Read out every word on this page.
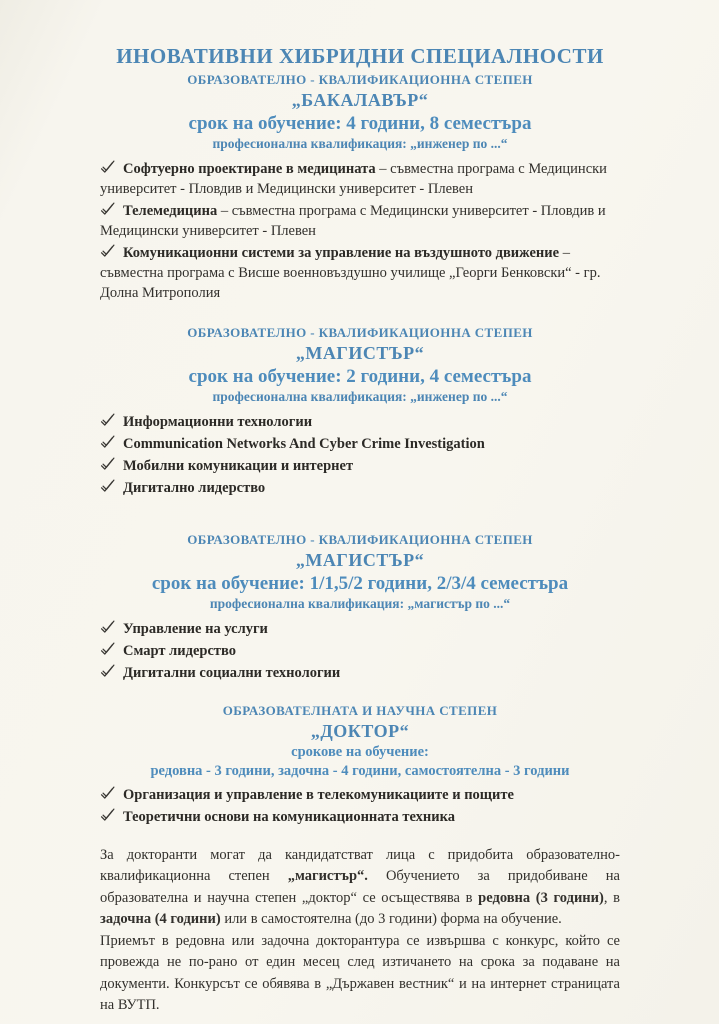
ИНОВАТИВНИ ХИБРИДНИ СПЕЦИАЛНОСТИ
ОБРАЗОВАТЕЛНО - КВАЛИФИКАЦИОННА СТЕПЕН
„БАКАЛАВЪР“
срок на обучение: 4 години, 8 семестъра
професионална квалификация: „инженер по ...“

Софтуерно проектиране в медицината – съвместна програма с Медицински университет - Пловдив и Медицински университет - Плевен

Телемедицина – съвместна програма с Медицински университет - Пловдив и Медицински университет - Плевен

Комуникационни системи за управление на въздушното движение – съвместна програма с Висше военновъздушно училище „Георги Бенковски“ - гр. Долна Митрополия

ОБРАЗОВАТЕЛНО - КВАЛИФИКАЦИОННА СТЕПЕН
„МАГИСТЪР“
срок на обучение: 2 години, 4 семестъра
професионална квалификация: „инженер по ...“

Информационни технологии

Communication Networks And Cyber Crime Investigation

Мобилни комуникации и интернет

Дигитално лидерство

ОБРАЗОВАТЕЛНО - КВАЛИФИКАЦИОННА СТЕПЕН
„МАГИСТЪР“
срок на обучение: 1/1,5/2 години, 2/3/4 семестъра
професионална квалификация: „магистър по ...“

Управление на услуги

Смарт лидерство

Дигитални социални технологии

ОБРАЗОВАТЕЛНАТА И НАУЧНА СТЕПЕН
„ДОКТОР“
срокове на обучение:
редовна - 3 години, задочна - 4 години, самостоятелна - 3 години

Организация и управление в телекомуникациите и пощите

Теоретични основи на комуникационната техника

За докторанти могат да кандидатстват лица с придобита образователно-квалификационна степен „магистър“. Обучението за придобиване на образователна и научна степен „доктор“ се осъществява в редовна (3 години), в задочна (4 години) или в самостоятелна (до 3 години) форма на обучение.

Приемът в редовна или задочна докторантура се извършва с конкурс, който се провежда не по-рано от един месец след изтичането на срока за подаване на документи. Конкурсът се обявява в „Държавен вестник“ и на интернет страницата на ВУТП.
